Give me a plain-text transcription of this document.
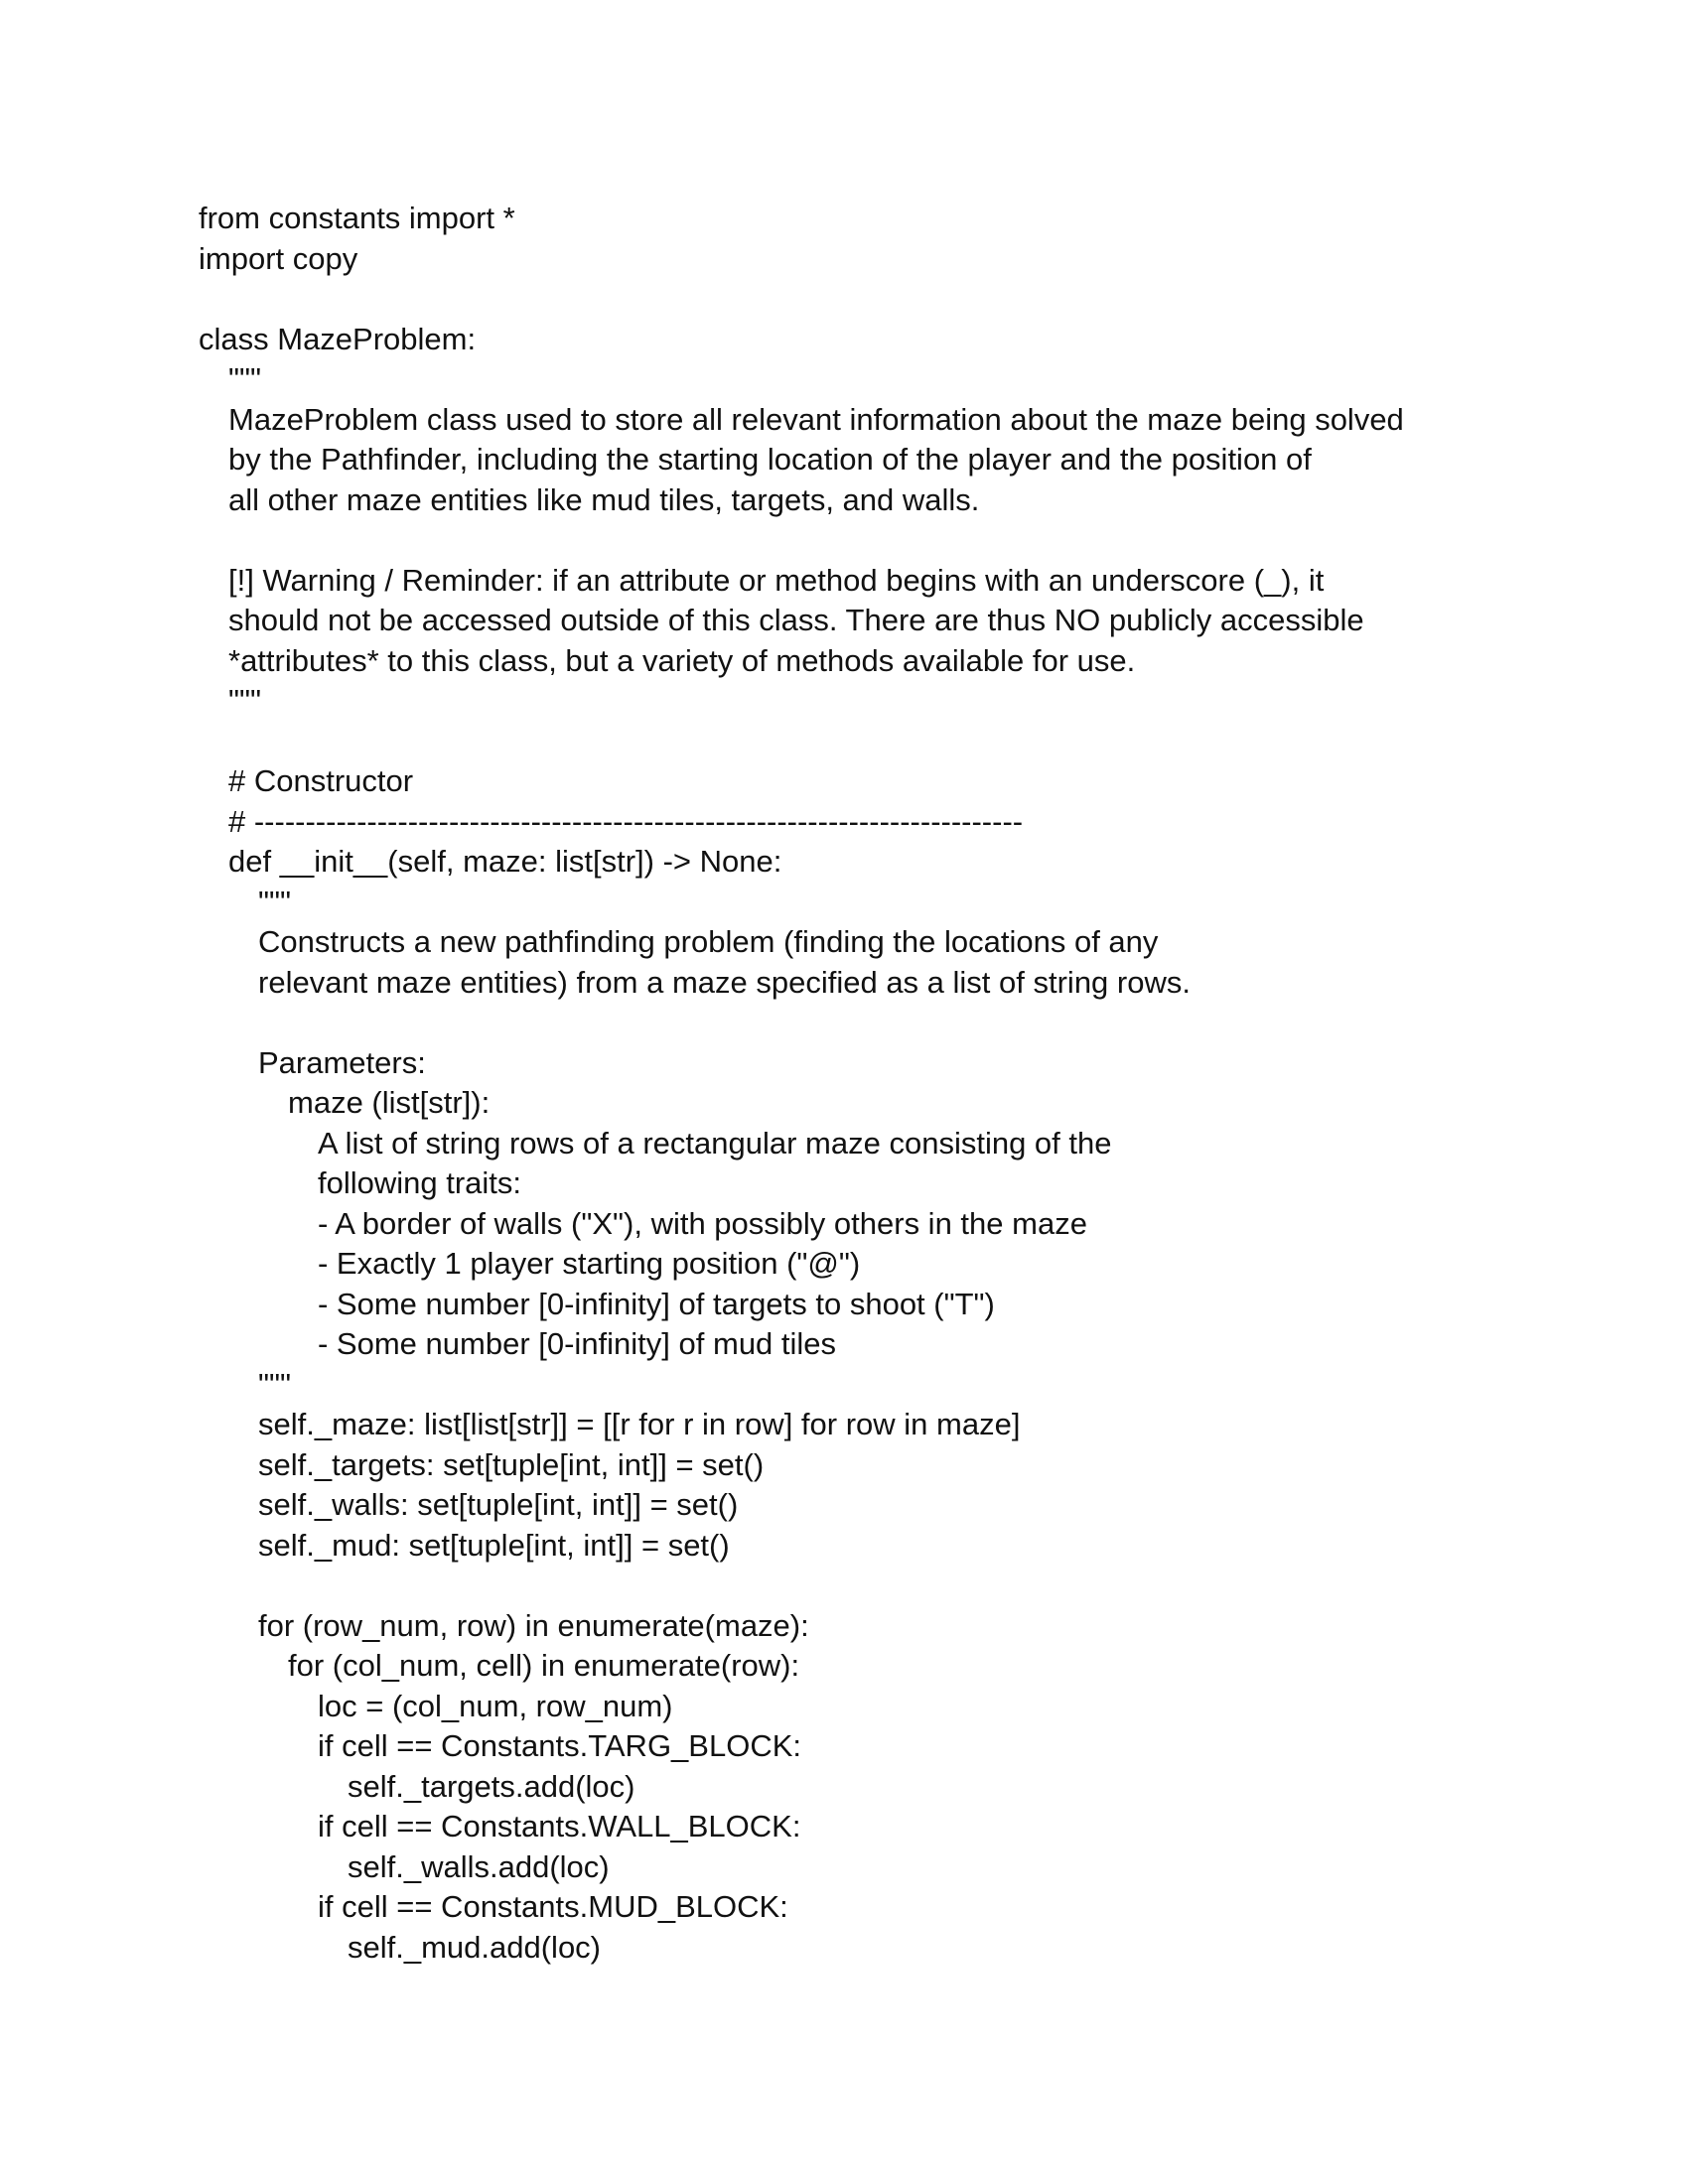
from constants import *
import copy
class MazeProblem:
"""
MazeProblem class used to store all relevant information about the maze being solved
by the Pathfinder, including the starting location of the player and the position of
all other maze entities like mud tiles, targets, and walls.
[!] Warning / Reminder: if an attribute or method begins with an underscore (_), it
should not be accessed outside of this class. There are thus NO publicly accessible
*attributes* to this class, but a variety of methods available for use.
"""
# Constructor
# ---------------------------------------------------------------------------
def __init__(self, maze: list[str]) -> None:
"""
Constructs a new pathfinding problem (finding the locations of any
relevant maze entities) from a maze specified as a list of string rows.
Parameters:
maze (list[str]):
A list of string rows of a rectangular maze consisting of the
following traits:
- A border of walls ("X"), with possibly others in the maze
- Exactly 1 player starting position ("@")
- Some number [0-infinity] of targets to shoot ("T")
- Some number [0-infinity] of mud tiles
"""
self._maze: list[list[str]] = [[r for r in row] for row in maze]
self._targets: set[tuple[int, int]] = set()
self._walls: set[tuple[int, int]] = set()
self._mud: set[tuple[int, int]] = set()
for (row_num, row) in enumerate(maze):
for (col_num, cell) in enumerate(row):
loc = (col_num, row_num)
if cell == Constants.TARG_BLOCK:
self._targets.add(loc)
if cell == Constants.WALL_BLOCK:
self._walls.add(loc)
if cell == Constants.MUD_BLOCK:
self._mud.add(loc)
